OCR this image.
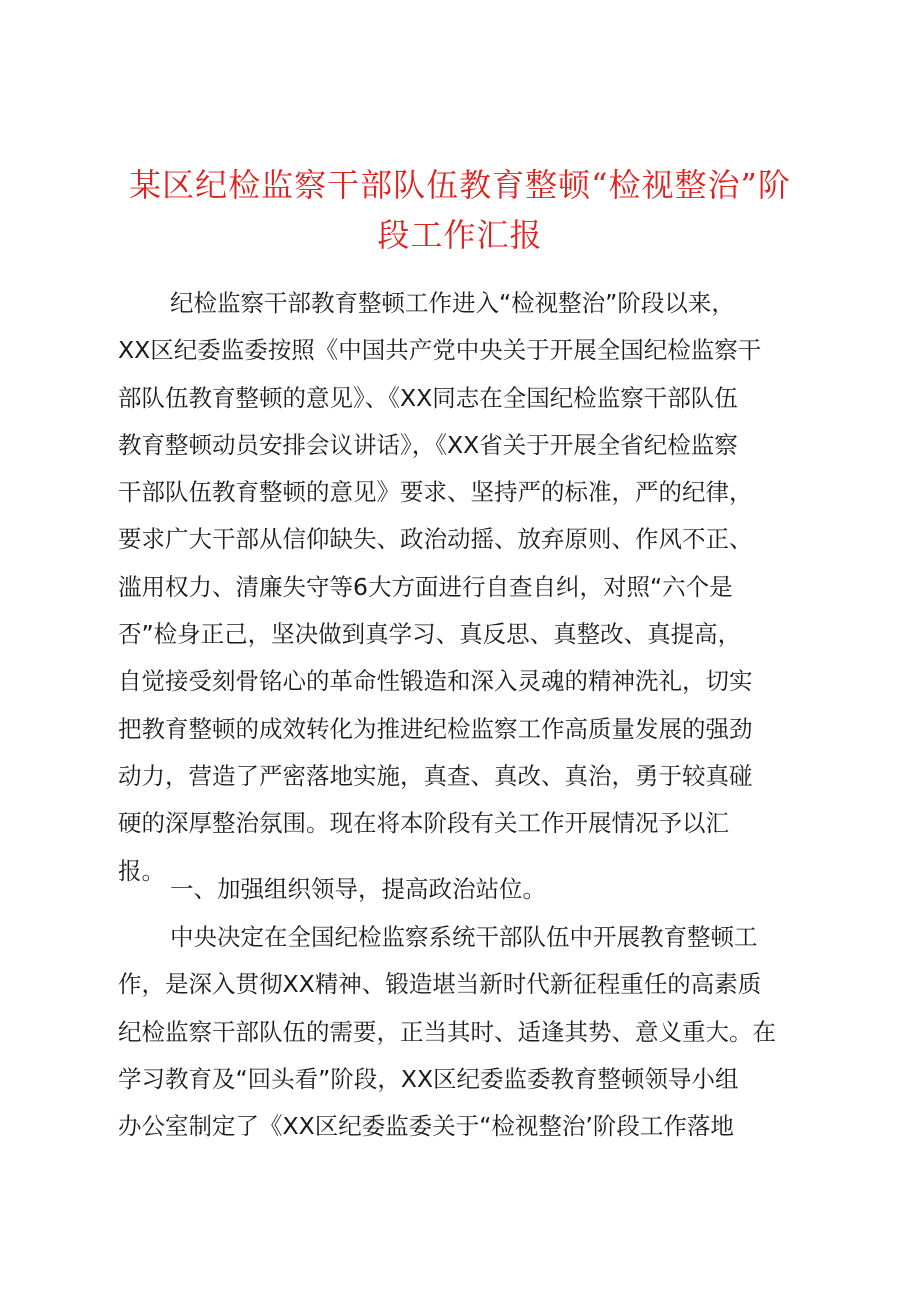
某区纪检监察干部队伍教育整顿“检视整治”阶
段工作汇报
纪检监察干部教育整顿工作进入“检视整治”阶段以来，
XX区纪委监委按照《中国共产党中央关于开展全国纪检监察干
部队伍教育整顿的意见》、《XX同志在全国纪检监察干部队伍
教育整顿动员安排会议讲话》，《XX省关于开展全省纪检监察
干部队伍教育整顿的意见》要求、坚持严的标准，严的纪律，
要求广大干部从信仰缺失、政治动摇、放弃原则、作风不正、
滥用权力、清廉失守等6大方面进行自查自纠，对照“六个是
否”检身正己，坚决做到真学习、真反思、真整改、真提高，
自觉接受刻骨铭心的革命性锻造和深入灵魂的精神洗礼，切实
把教育整顿的成效转化为推进纪检监察工作高质量发展的强劲
动力，营造了严密落地实施，真查、真改、真治，勇于较真碰
硬的深厚整治氛围。现在将本阶段有关工作开展情况予以汇
报。
一、加强组织领导，提高政治站位。
中央决定在全国纪检监察系统干部队伍中开展教育整顿工
作，是深入贯彻XX精神、锻造堪当新时代新征程重任的高素质
纪检监察干部队伍的需要，正当其时、适逢其势、意义重大。在
学习教育及“回头看”阶段，XX区纪委监委教育整顿领导小组
办公室制定了《XX区纪委监委关于“检视整治’阶段工作落地
